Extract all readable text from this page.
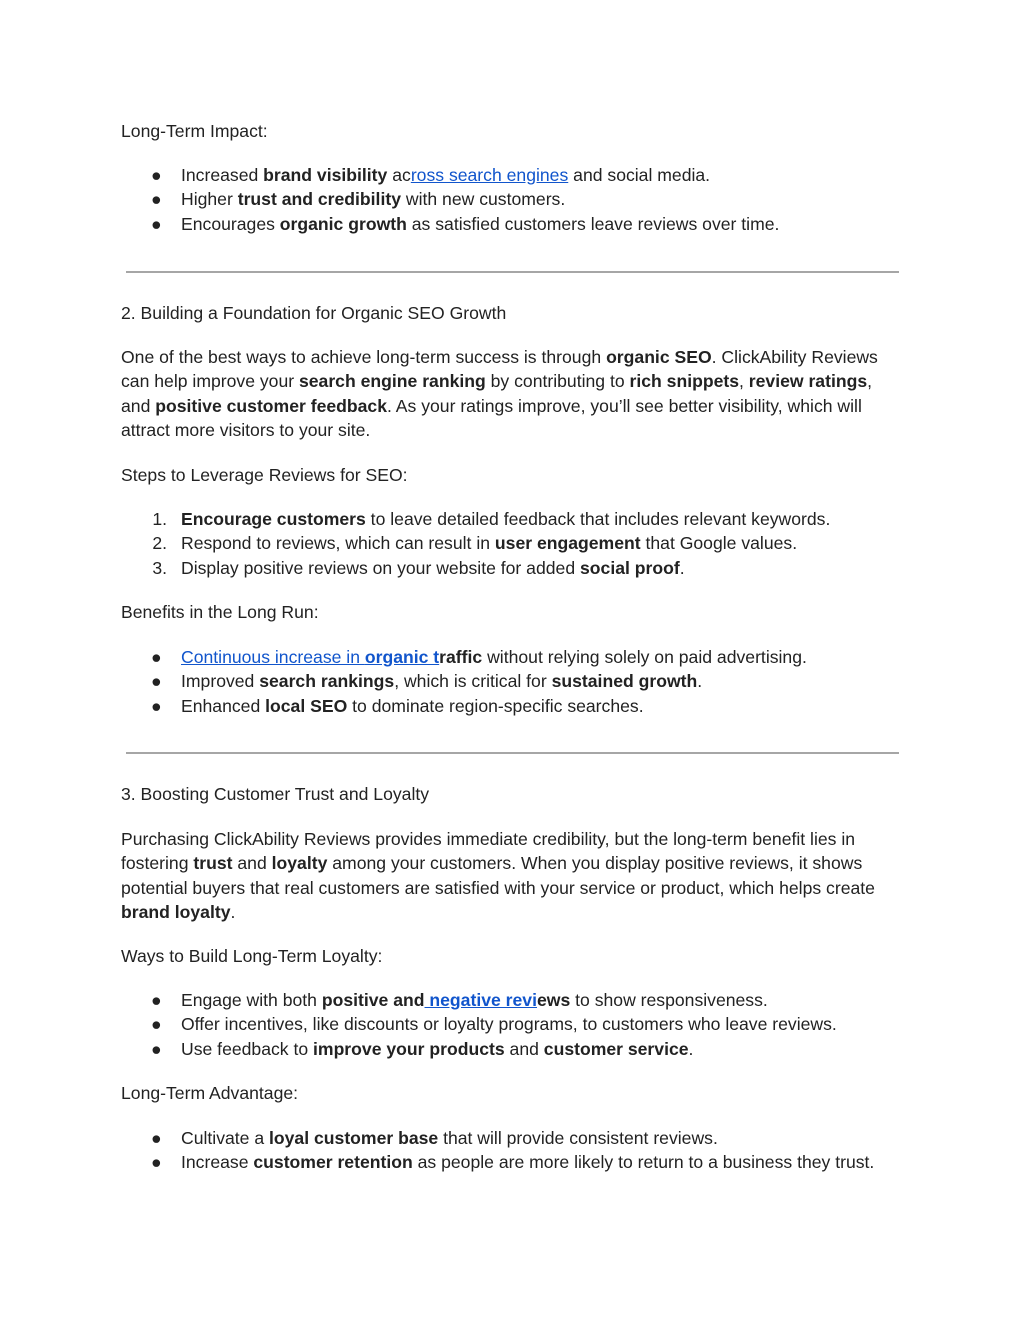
Long-Term Impact:

●	Increased brand visibility across search engines and social media.
●	Higher trust and credibility with new customers.
●	Encourages organic growth as satisfied customers leave reviews over time.

2. Building a Foundation for Organic SEO Growth

One of the best ways to achieve long-term success is through organic SEO. ClickAbility Reviews can help improve your search engine ranking by contributing to rich snippets, review ratings, and positive customer feedback. As your ratings improve, you’ll see better visibility, which will attract more visitors to your site.

Steps to Leverage Reviews for SEO:

1. Encourage customers to leave detailed feedback that includes relevant keywords.
2. Respond to reviews, which can result in user engagement that Google values.
3. Display positive reviews on your website for added social proof.

Benefits in the Long Run:

●	Continuous increase in organic traffic without relying solely on paid advertising.
●	Improved search rankings, which is critical for sustained growth.
●	Enhanced local SEO to dominate region-specific searches.

3. Boosting Customer Trust and Loyalty

Purchasing ClickAbility Reviews provides immediate credibility, but the long-term benefit lies in fostering trust and loyalty among your customers. When you display positive reviews, it shows potential buyers that real customers are satisfied with your service or product, which helps create brand loyalty.

Ways to Build Long-Term Loyalty:

●	Engage with both positive and negative reviews to show responsiveness.
●	Offer incentives, like discounts or loyalty programs, to customers who leave reviews.
●	Use feedback to improve your products and customer service.

Long-Term Advantage:

●	Cultivate a loyal customer base that will provide consistent reviews.
●	Increase customer retention as people are more likely to return to a business they trust.
